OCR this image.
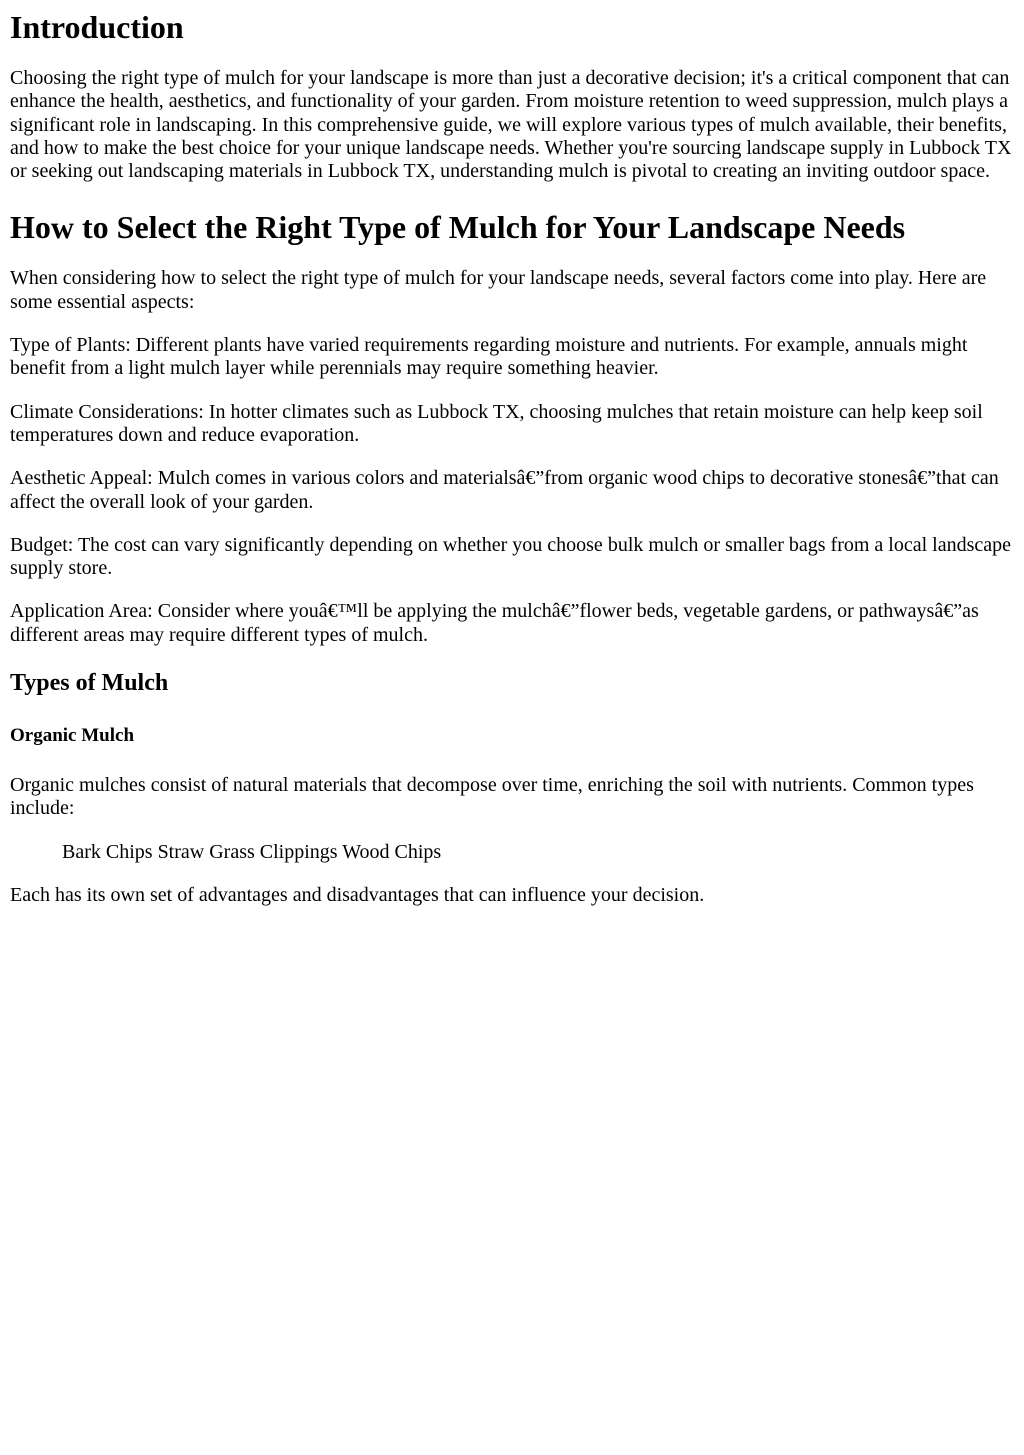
Introduction

Choosing the right type of mulch for your landscape is more than just a decorative decision; it's a critical component that can enhance the health, aesthetics, and functionality of your garden. From moisture retention to weed suppression, mulch plays a significant role in landscaping. In this comprehensive guide, we will explore various types of mulch available, their benefits, and how to make the best choice for your unique landscape needs. Whether you're sourcing landscape supply in Lubbock TX or seeking out landscaping materials in Lubbock TX, understanding mulch is pivotal to creating an inviting outdoor space.

How to Select the Right Type of Mulch for Your Landscape Needs

When considering how to select the right type of mulch for your landscape needs, several factors come into play. Here are some essential aspects:

Type of Plants: Different plants have varied requirements regarding moisture and nutrients. For example, annuals might benefit from a light mulch layer while perennials may require something heavier.

Climate Considerations: In hotter climates such as Lubbock TX, choosing mulches that retain moisture can help keep soil temperatures down and reduce evaporation.

Aesthetic Appeal: Mulch comes in various colors and materialsâ€”from organic wood chips to decorative stonesâ€”that can affect the overall look of your garden.

Budget: The cost can vary significantly depending on whether you choose bulk mulch or smaller bags from a local landscape supply store.

Application Area: Consider where youâ€™ll be applying the mulchâ€”flower beds, vegetable gardens, or pathwaysâ€”as different areas may require different types of mulch.

Types of Mulch
Organic Mulch

Organic mulches consist of natural materials that decompose over time, enriching the soil with nutrients. Common types include:

Bark Chips Straw Grass Clippings Wood Chips

Each has its own set of advantages and disadvantages that can influence your decision.
